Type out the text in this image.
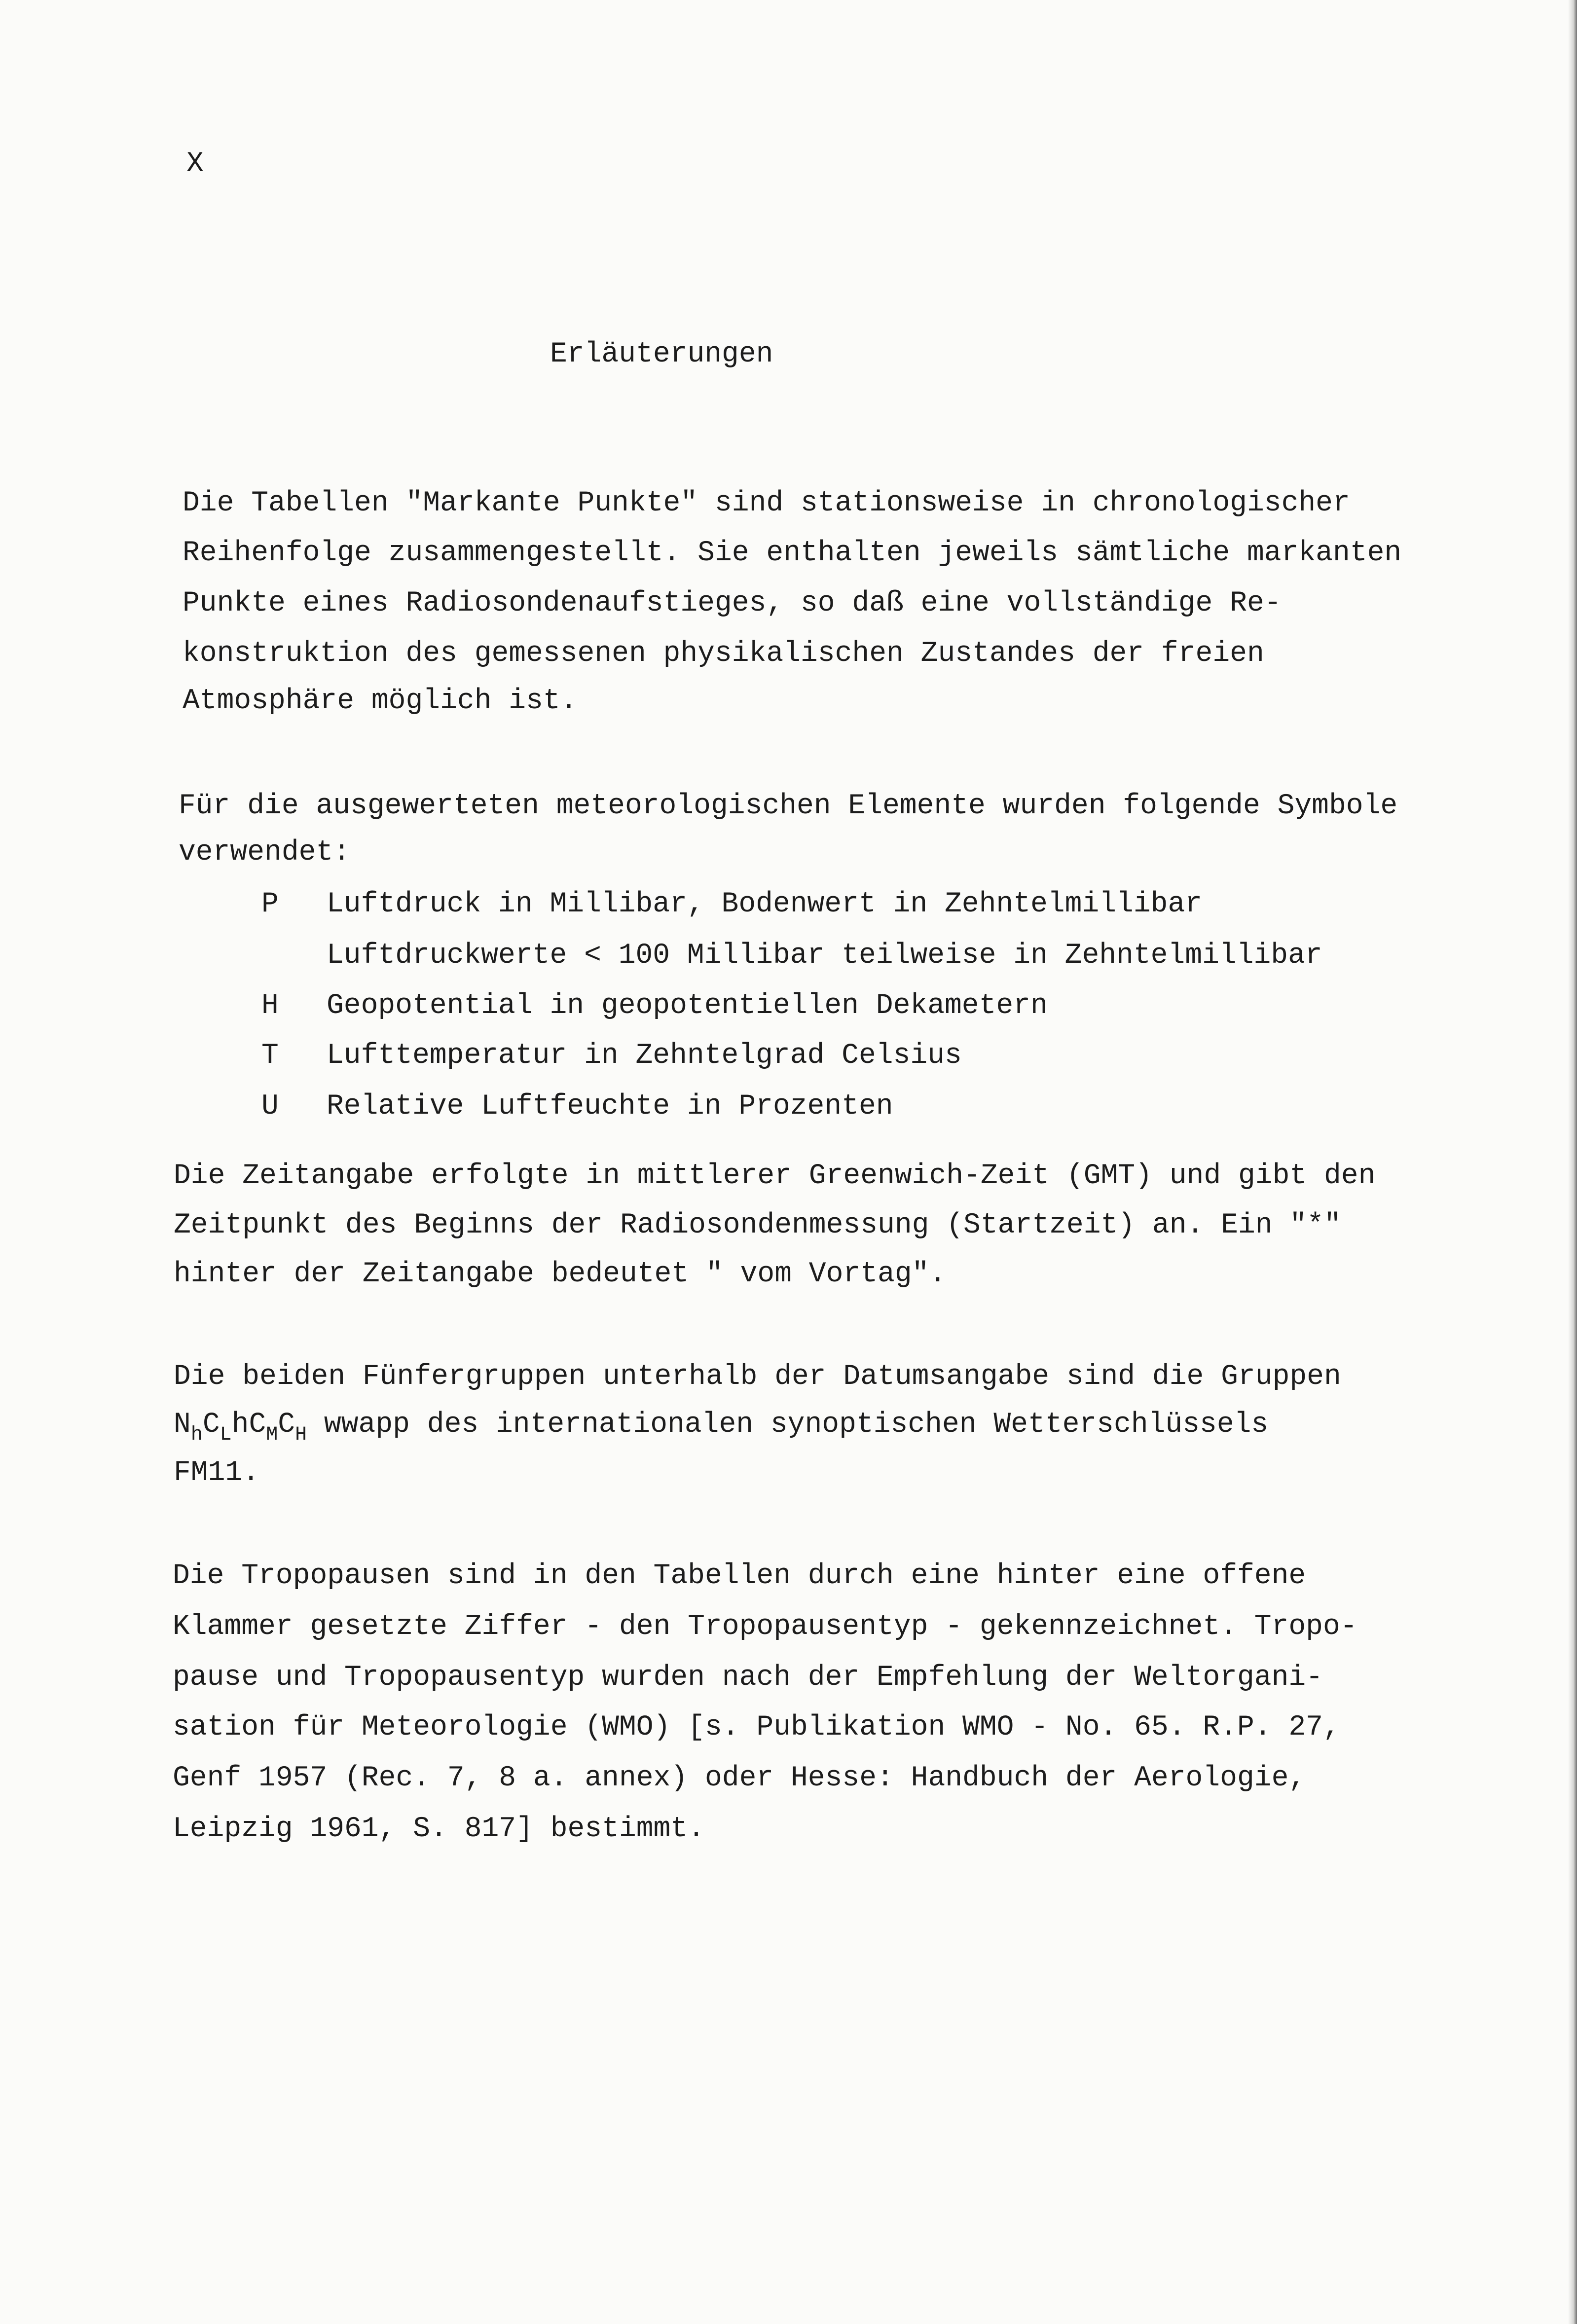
X
Erläuterungen
Die Tabellen "Markante Punkte" sind stationsweise in chronologischer
Reihenfolge zusammengestellt. Sie enthalten jeweils sämtliche markanten
Punkte eines Radiosondenaufstieges, so daß eine vollständige Re-
konstruktion des gemessenen physikalischen Zustandes der freien
Atmosphäre möglich ist.
Für die ausgewerteten meteorologischen Elemente wurden folgende Symbole
verwendet:
P Luftdruck in Millibar, Bodenwert in Zehntelmillibar
Luftdruckwerte < 100 Millibar teilweise in Zehntelmillibar
H Geopotential in geopotentiellen Dekametern
T Lufttemperatur in Zehntelgrad Celsius
U Relative Luftfeuchte in Prozenten
Die Zeitangabe erfolgte in mittlerer Greenwich-Zeit (GMT) und gibt den
Zeitpunkt des Beginns der Radiosondenmessung (Startzeit) an. Ein "*"
hinter der Zeitangabe bedeutet " vom Vortag".
Die beiden Fünfergruppen unterhalb der Datumsangabe sind die Gruppen
$N_hC_LhC_MC_H$ wwapp des internationalen synoptischen Wetterschlüssels
FM11.
Die Tropopausen sind in den Tabellen durch eine hinter eine offene
Klammer gesetzte Ziffer - den Tropopausentyp - gekennzeichnet. Tropo-
pause und Tropopausentyp wurden nach der Empfehlung der Weltorgani-
sation für Meteorologie (WMO) [s. Publikation WMO - No. 65. R.P. 27,
Genf 1957 (Rec. 7, 8 a. annex) oder Hesse: Handbuch der Aerologie,
Leipzig 1961, S. 817] bestimmt.
